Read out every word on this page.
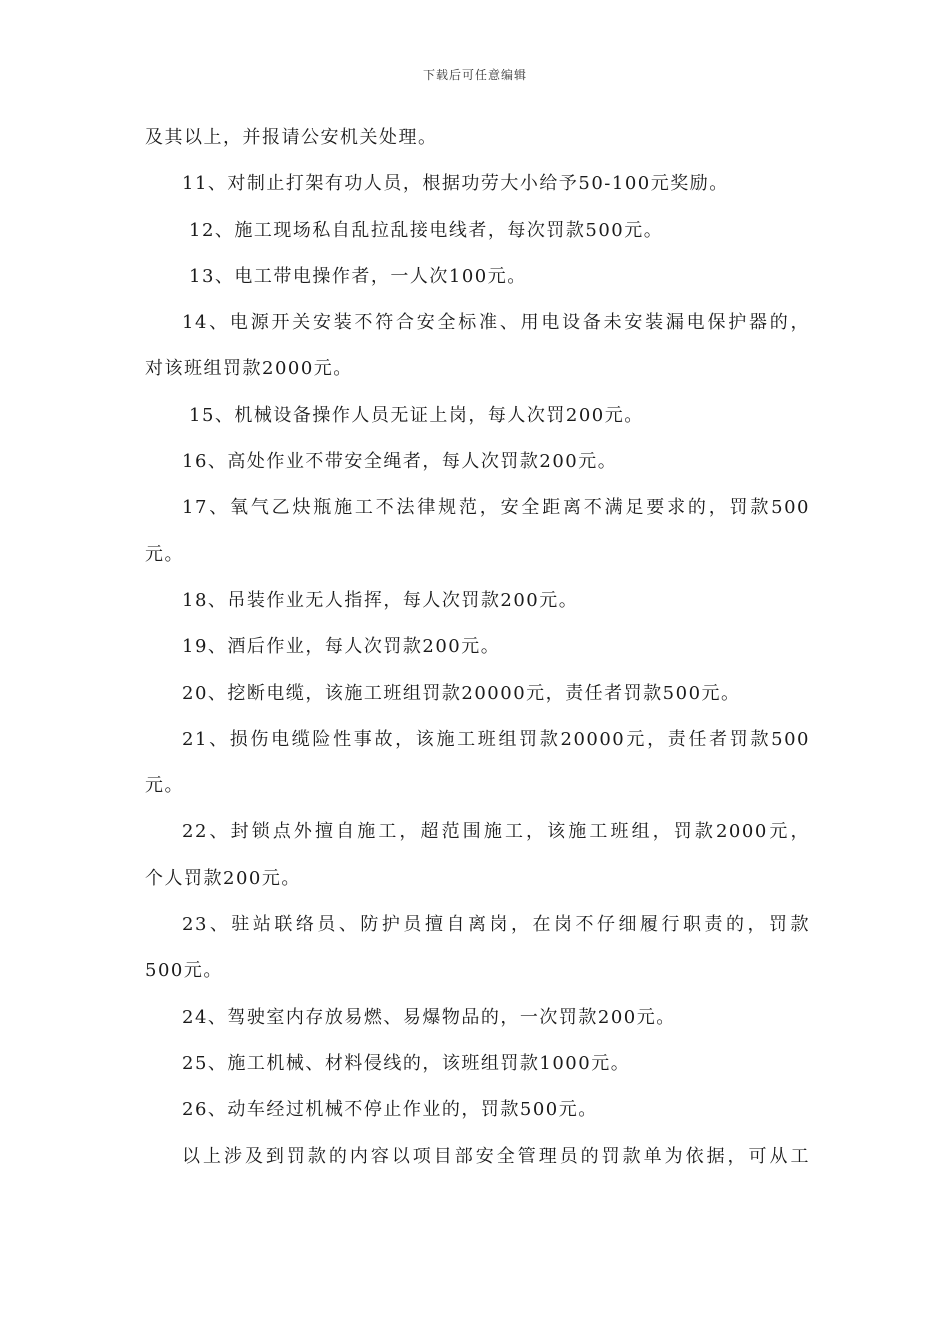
下载后可任意编辑
及其以上，并报请公安机关处理。
11、对制止打架有功人员，根据功劳大小给予50-100元奖励。
12、施工现场私自乱拉乱接电线者，每次罚款500元。
13、电工带电操作者，一人次100元。
14、电源开关安装不符合安全标准、用电设备未安装漏电保护器的，
对该班组罚款2000元。
15、机械设备操作人员无证上岗，每人次罚200元。
16、高处作业不带安全绳者，每人次罚款200元。
17、氧气乙炔瓶施工不法律规范，安全距离不满足要求的，罚款500
元。
18、吊装作业无人指挥，每人次罚款200元。
19、酒后作业，每人次罚款200元。
20、挖断电缆，该施工班组罚款20000元，责任者罚款500元。
21、损伤电缆险性事故，该施工班组罚款20000元，责任者罚款500
元。
22、封锁点外擅自施工，超范围施工，该施工班组，罚款2000元，
个人罚款200元。
23、驻站联络员、防护员擅自离岗，在岗不仔细履行职责的，罚款
500元。
24、驾驶室内存放易燃、易爆物品的，一次罚款200元。
25、施工机械、材料侵线的，该班组罚款1000元。
26、动车经过机械不停止作业的，罚款500元。
以上涉及到罚款的内容以项目部安全管理员的罚款单为依据，可从工
